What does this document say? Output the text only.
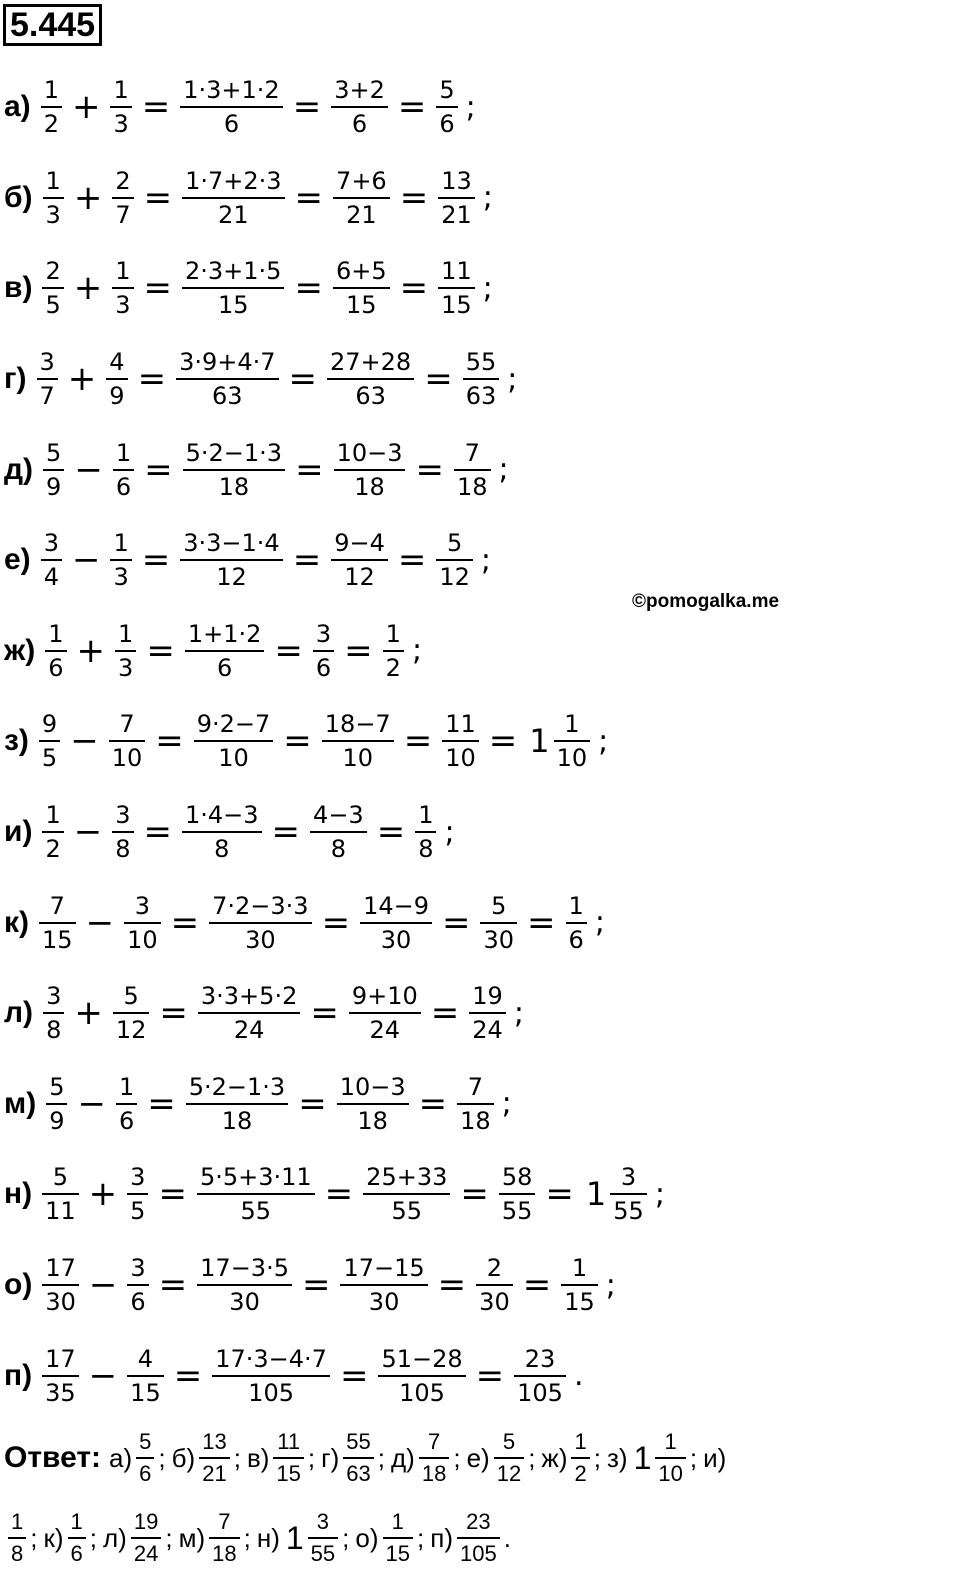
5.445
©pomogalka.me
$а) \frac{1}{2} + \frac{1}{3} = \frac{1\cdot 3+1\cdot 2}{6} = \frac{3+2}{6} = \frac{5}{6}$ ;
$б) \frac{1}{3} + \frac{2}{7} = \frac{1\cdot 7+2\cdot 3}{21} = \frac{7+6}{21} = \frac{13}{21}$ ;
$в) \frac{2}{5} + \frac{1}{3} = \frac{2\cdot 3+1\cdot 5}{15} = \frac{6+5}{15} = \frac{11}{15}$ ;
$г) \frac{3}{7} + \frac{4}{9} = \frac{3\cdot 9+4\cdot 7}{63} = \frac{27+28}{63} = \frac{55}{63}$ ;
$д) \frac{5}{9} - \frac{1}{6} = \frac{5\cdot 2-1\cdot 3}{18} = \frac{10-3}{18} = \frac{7}{18}$ ;
$е) \frac{3}{4} - \frac{1}{3} = \frac{3\cdot 3-1\cdot 4}{12} = \frac{9-4}{12} = \frac{5}{12}$ ;
$ж) \frac{1}{6} + \frac{1}{3} = \frac{1+1\cdot 2}{6} = \frac{3}{6} = \frac{1}{2}$ ;
$з) \frac{9}{5} - \frac{7}{10} = \frac{9\cdot 2-7}{10} = \frac{18-7}{10} = \frac{11}{10} = 1 \frac{1}{10}$ ;
$и) \frac{1}{2} - \frac{3}{8} = \frac{1\cdot 4-3}{8} = \frac{4-3}{8} = \frac{1}{8}$ ;
$к) \frac{7}{15} - \frac{3}{10} = \frac{7\cdot 2-3\cdot 3}{30} = \frac{14-9}{30} = \frac{5}{30} = \frac{1}{6}$ ;
$л) \frac{3}{8} + \frac{5}{12} = \frac{3\cdot 3+5\cdot 2}{24} = \frac{9+10}{24} = \frac{19}{24}$ ;
$м) \frac{5}{9} - \frac{1}{6} = \frac{5\cdot 2-1\cdot 3}{18} = \frac{10-3}{18} = \frac{7}{18}$ ;
$н) \frac{5}{11} + \frac{3}{5} = \frac{5\cdot 5+3\cdot 11}{55} = \frac{25+33}{55} = \frac{58}{55} = 1 \frac{3}{55}$ ;
$о) \frac{17}{30} - \frac{3}{6} = \frac{17-3\cdot 5}{30} = \frac{17-15}{30} = \frac{2}{30} = \frac{1}{15}$ ;
$п) \frac{17}{35} - \frac{4}{15} = \frac{17\cdot 3-4\cdot 7}{105} = \frac{51-28}{105} = \frac{23}{105}$ .
Ответ: $а) \frac{5}{6}$ ; $б) \frac{13}{21}$ ; $в) \frac{11}{15}$ ; $г) \frac{55}{63}$ ; $д) \frac{7}{18}$ ; $е) \frac{5}{12}$ ; $ж) \frac{1}{2}$ ; з) $1 \frac{1}{10}$ ; и)
$\frac{1}{8}$ ; $к) \frac{1}{6}$ ; $л) \frac{19}{24}$ ; $м) \frac{7}{18}$ ; н) $1 \frac{3}{55}$ ; $о) \frac{1}{15}$ ; $п) \frac{23}{105}$ .
